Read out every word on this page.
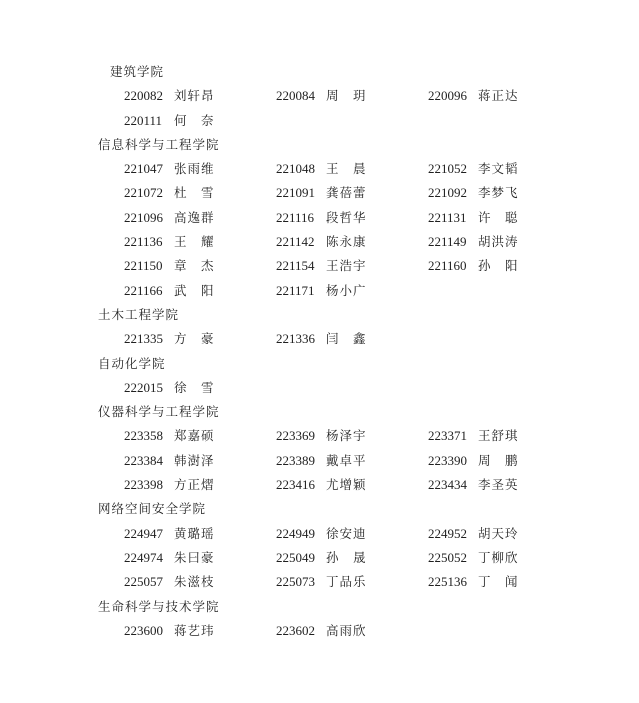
建筑学院
220082 刘轩昂	220084 周　玥	220096 蒋正达
220111 何　奈
信息科学与工程学院
221047 张雨维	221048 王　晨	221052 李文韬
221072 杜　雪	221091 龚蓓蕾	221092 李梦飞
221096 高逸群	221116 段哲华	221131 许　聪
221136 王　耀	221142 陈永康	221149 胡洪涛
221150 章　杰	221154 王浩宇	221160 孙　阳
221166 武　阳	221171 杨小广
土木工程学院
221335 方　豪	221336 闫　鑫
自动化学院
222015 徐　雪
仪器科学与工程学院
223358 郑嘉硕	223369 杨泽宇	223371 王舒琪
223384 韩澍泽	223389 戴卓平	223390 周　鹏
223398 方正熠	223416 尤增颖	223434 李圣英
网络空间安全学院
224947 黄璐瑶	224949 徐安迪	224952 胡天玲
224974 朱曰豪	225049 孙　晟	225052 丁柳欣
225057 朱滋枝	225073 丁品乐	225136 丁　闻
生命科学与技术学院
223600 蒋艺玮	223602 高雨欣
